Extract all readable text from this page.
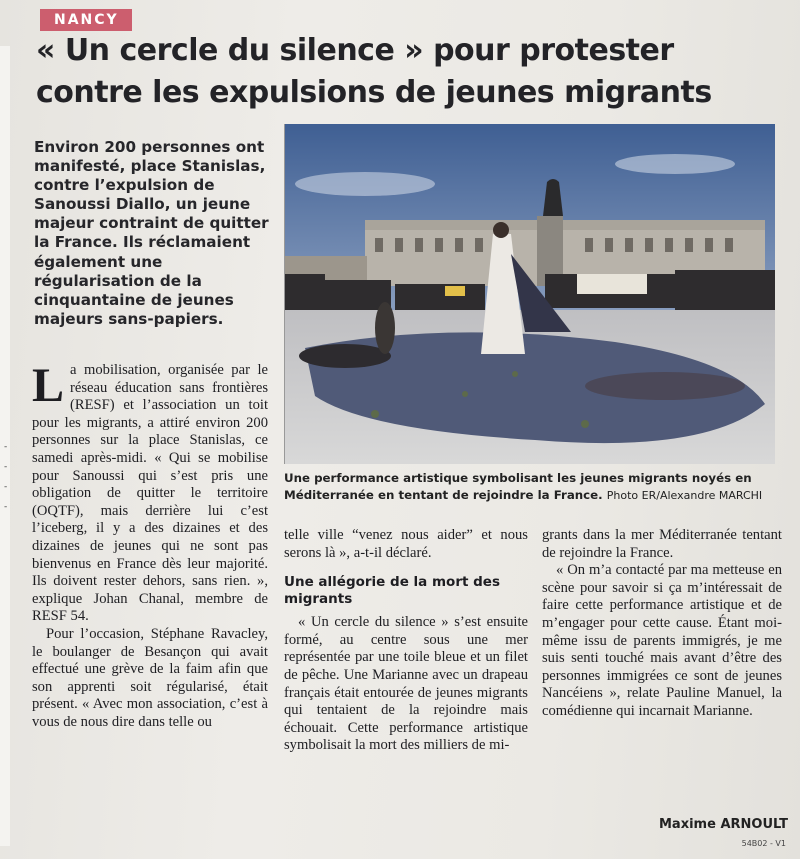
-
-
-
-
NANCY
« Un cercle du silence » pour protester contre les expulsions de jeunes migrants

Environ 200 personnes ont manifesté, place Stanislas, contre l’expulsion de Sanoussi Diallo, un jeune majeur contraint de quitter la France. Ils réclamaient également une régularisation de la cinquantaine de jeunes majeurs sans-papiers.

Une performance artistique symbolisant les jeunes migrants noyés en Méditerranée en tentant de rejoindre la France. Photo ER/Alexandre MARCHI

La mobilisation, organisée par le réseau éducation sans frontières (RESF) et l’association un toit pour les migrants, a attiré environ 200 personnes sur la place Stanislas, ce samedi après-midi. « Qui se mobilise pour Sanoussi qui s’est pris une obligation de quitter le territoire (OQTF), mais derrière lui c’est l’iceberg, il y a des dizaines et des dizaines de jeunes qui ne sont pas bienvenus en France dès leur majorité. Ils doivent rester dehors, sans rien. », explique Johan Chanal, membre de RESF 54.

Pour l’occasion, Stéphane Ravacley, le boulanger de Besançon qui avait effectué une grève de la faim afin que son apprenti soit régularisé, était présent. « Avec mon association, c’est à vous de nous dire dans telle ou

telle ville “venez nous aider” et nous serons là », a-t-il déclaré.

Une allégorie de la mort des migrants

« Un cercle du silence » s’est ensuite formé, au centre sous une mer représentée par une toile bleue et un filet de pêche. Une Marianne avec un drapeau français était entourée de jeunes migrants qui tentaient de la rejoindre mais échouait. Cette performance artistique symbolisait la mort des milliers de mi-

grants dans la mer Méditerranée tentant de rejoindre la France.

« On m’a contacté par ma metteuse en scène pour savoir si ça m’intéressait de faire cette performance artistique et de m’engager pour cette cause. Étant moi-même issu de parents immigrés, je me suis senti touché mais avant d’être des personnes immigrées ce sont de jeunes Nancéiens », relate Pauline Manuel, la comédienne qui incarnait Marianne.

Maxime ARNOULT
54B02 - V1
